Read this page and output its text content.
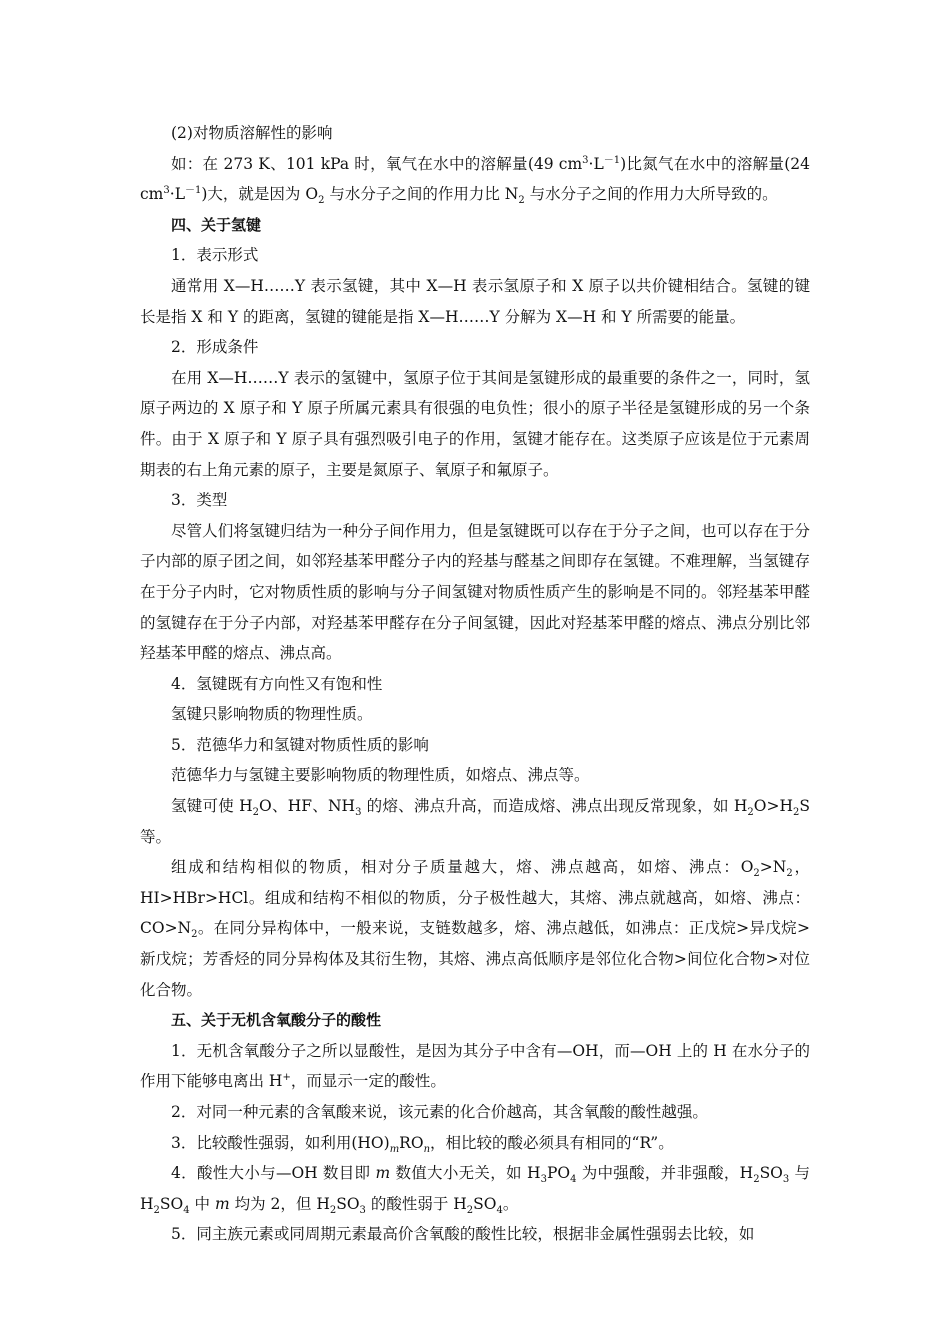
(2)对物质溶解性的影响
如：在 273 K、101 kPa 时，氧气在水中的溶解量(49 $cm^3\cdot L^{-1}$)比氮气在水中的溶解量(24 $cm^3\cdot L^{-1}$)大，就是因为 $O_2$ 与水分子之间的作用力比 $N_2$ 与水分子之间的作用力大所导致的。
四、关于氢键
1．表示形式
通常用 X—H……Y 表示氢键，其中 X—H 表示氢原子和 X 原子以共价键相结合。氢键的键长是指 X 和 Y 的距离，氢键的键能是指 X—H……Y 分解为 X—H 和 Y 所需要的能量。
2．形成条件
在用 X—H……Y 表示的氢键中，氢原子位于其间是氢键形成的最重要的条件之一，同时，氢原子两边的 X 原子和 Y 原子所属元素具有很强的电负性；很小的原子半径是氢键形成的另一个条件。由于 X 原子和 Y 原子具有强烈吸引电子的作用，氢键才能存在。这类原子应该是位于元素周期表的右上角元素的原子，主要是氮原子、氧原子和氟原子。
3．类型
尽管人们将氢键归结为一种分子间作用力，但是氢键既可以存在于分子之间，也可以存在于分子内部的原子团之间，如邻羟基苯甲醛分子内的羟基与醛基之间即存在氢键。不难理解，当氢键存在于分子内时，它对物质性质的影响与分子间氢键对物质性质产生的影响是不同的。邻羟基苯甲醛的氢键存在于分子内部，对羟基苯甲醛存在分子间氢键，因此对羟基苯甲醛的熔点、沸点分别比邻羟基苯甲醛的熔点、沸点高。
4．氢键既有方向性又有饱和性
氢键只影响物质的物理性质。
5．范德华力和氢键对物质性质的影响
范德华力与氢键主要影响物质的物理性质，如熔点、沸点等。
氢键可使 $H_2O$、HF、$NH_3$ 的熔、沸点升高，而造成熔、沸点出现反常现象，如 $H_2O>H_2S$ 等。
组成和结构相似的物质，相对分子质量越大，熔、沸点越高，如熔、沸点：$O_2>N_2$，HI>HBr>HCl。组成和结构不相似的物质，分子极性越大，其熔、沸点就越高，如熔、沸点：$CO>N_2$。在同分异构体中，一般来说，支链数越多，熔、沸点越低，如沸点：正戊烷>异戊烷>新戊烷；芳香烃的同分异构体及其衍生物，其熔、沸点高低顺序是邻位化合物>间位化合物>对位化合物。
五、关于无机含氧酸分子的酸性
1．无机含氧酸分子之所以显酸性，是因为其分子中含有—OH，而—OH 上的 H 在水分子的作用下能够电离出 H+，而显示一定的酸性。
2．对同一种元素的含氧酸来说，该元素的化合价越高，其含氧酸的酸性越强。
3．比较酸性强弱，如利用$(HO)_mRO_n$，相比较的酸必须具有相同的“R”。
4．酸性大小与—OH 数目即 m 数值大小无关，如 $H_3PO_4$ 为中强酸，并非强酸，$H_2SO_3$ 与 $H_2SO_4$ 中 m 均为 2，但 $H_2SO_3$ 的酸性弱于 $H_2SO_4$。
5．同主族元素或同周期元素最高价含氧酸的酸性比较，根据非金属性强弱去比较，如
